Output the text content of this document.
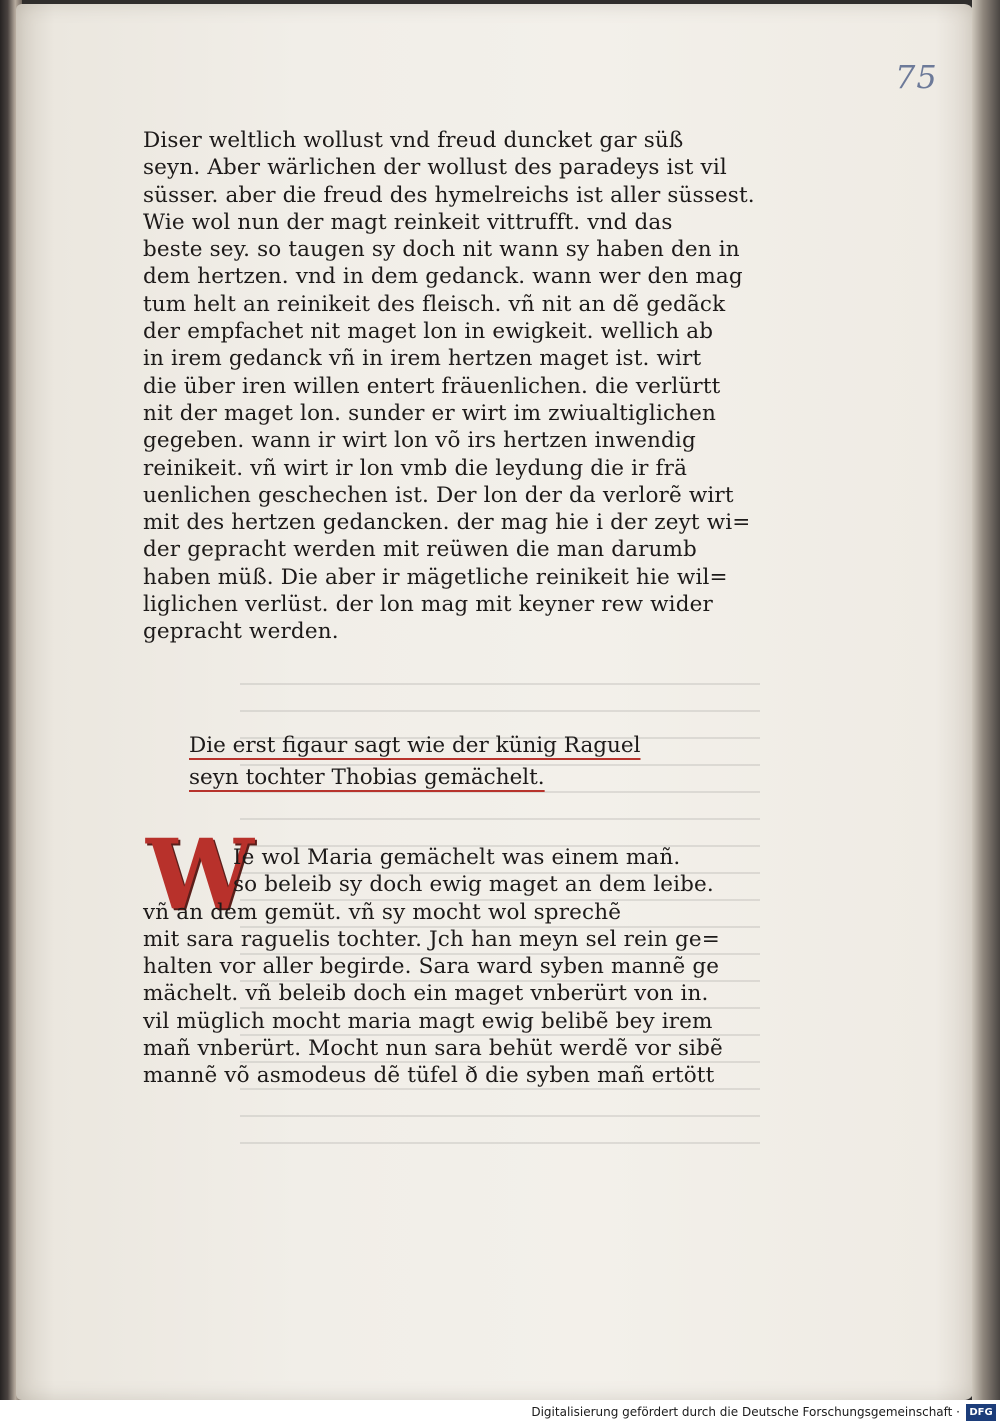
75
Diser weltlich wollust vnd freud duncket gar süß
seyn. Aber wärlichen der wollust des paradeys ist vil
süsser. aber die freud des hymelreichs ist aller süssest.
Wie wol nun der magt reinkeit vittrufft. vnd das
beste sey. so taugen sy doch nit wann sy haben den in
dem hertzen. vnd in dem gedanck. wann wer den mag
tum helt an reinikeit des fleisch. vñ nit an dẽ gedãck
der empfachet nit maget lon in ewigkeit. wellich ab
in irem gedanck vñ in irem hertzen maget ist. wirt
die über iren willen entert fräuenlichen. die verlürtt
nit der maget lon. sunder er wirt im zwiualtiglichen
gegeben. wann ir wirt lon võ irs hertzen inwendig
reinikeit. vñ wirt ir lon vmb die leydung die ir frä
uenlichen geschechen ist. Der lon der da verlorẽ wirt
mit des hertzen gedancken. der mag hie i der zeyt wi=
der gepracht werden mit reüwen die man darumb
haben müß. Die aber ir mägetliche reinikeit hie wil=
liglichen verlüst. der lon mag mit keyner rew wider
gepracht werden.
Die erst figaur sagt wie der künig Raguel
seyn tochter Thobias gemächelt.
W
Ie wol Maria gemächelt was einem mañ.
so beleib sy doch ewig maget an dem leibe.
vñ an dem gemüt. vñ sy mocht wol sprechẽ
mit sara raguelis tochter. Jch han meyn sel rein ge=
halten vor aller begirde. Sara ward syben mannẽ ge
mächelt. vñ beleib doch ein maget vnberürt von in.
vil müglich mocht maria magt ewig belibẽ bey irem
mañ vnberürt. Mocht nun sara behüt werdẽ vor sibẽ
mannẽ võ asmodeus dẽ tüfel ð die syben mañ ertött
Digitalisierung gefördert durch die Deutsche Forschungsgemeinschaft · DFG
